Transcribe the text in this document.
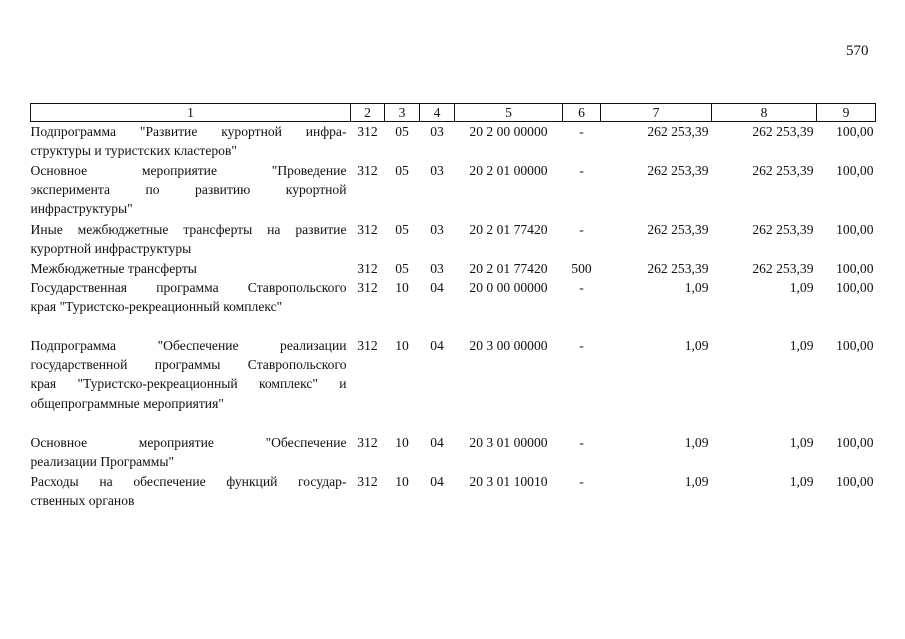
570
1	2	3	4	5	6	7	8	9

Подпрограмма "Развитие курортной инфра-
структуры и туристских кластеров"	312	05	03	20 2 00 00000	-	262 253,39	262 253,39	100,00

Основное мероприятие "Проведение
эксперимента по развитию курортной
инфраструктуры"	312	05	03	20 2 01 00000	-	262 253,39	262 253,39	100,00

Иные межбюджетные трансферты на развитие
курортной инфраструктуры	312	05	03	20 2 01 77420	-	262 253,39	262 253,39	100,00

Межбюджетные трансферты	312	05	03	20 2 01 77420	500	262 253,39	262 253,39	100,00

Государственная программа Ставропольского
края "Туристско-рекреационный комплекс"	312	10	04	20 0 00 00000	-	1,09	1,09	100,00

Подпрограмма "Обеспечение реализации
государственной программы Ставропольского
края "Туристско-рекреационный комплекс" и
общепрограммные мероприятия"	312	10	04	20 3 00 00000	-	1,09	1,09	100,00

Основное мероприятие "Обеспечение
реализации Программы"	312	10	04	20 3 01 00000	-	1,09	1,09	100,00

Расходы на обеспечение функций государ-
ственных органов	312	10	04	20 3 01 10010	-	1,09	1,09	100,00
